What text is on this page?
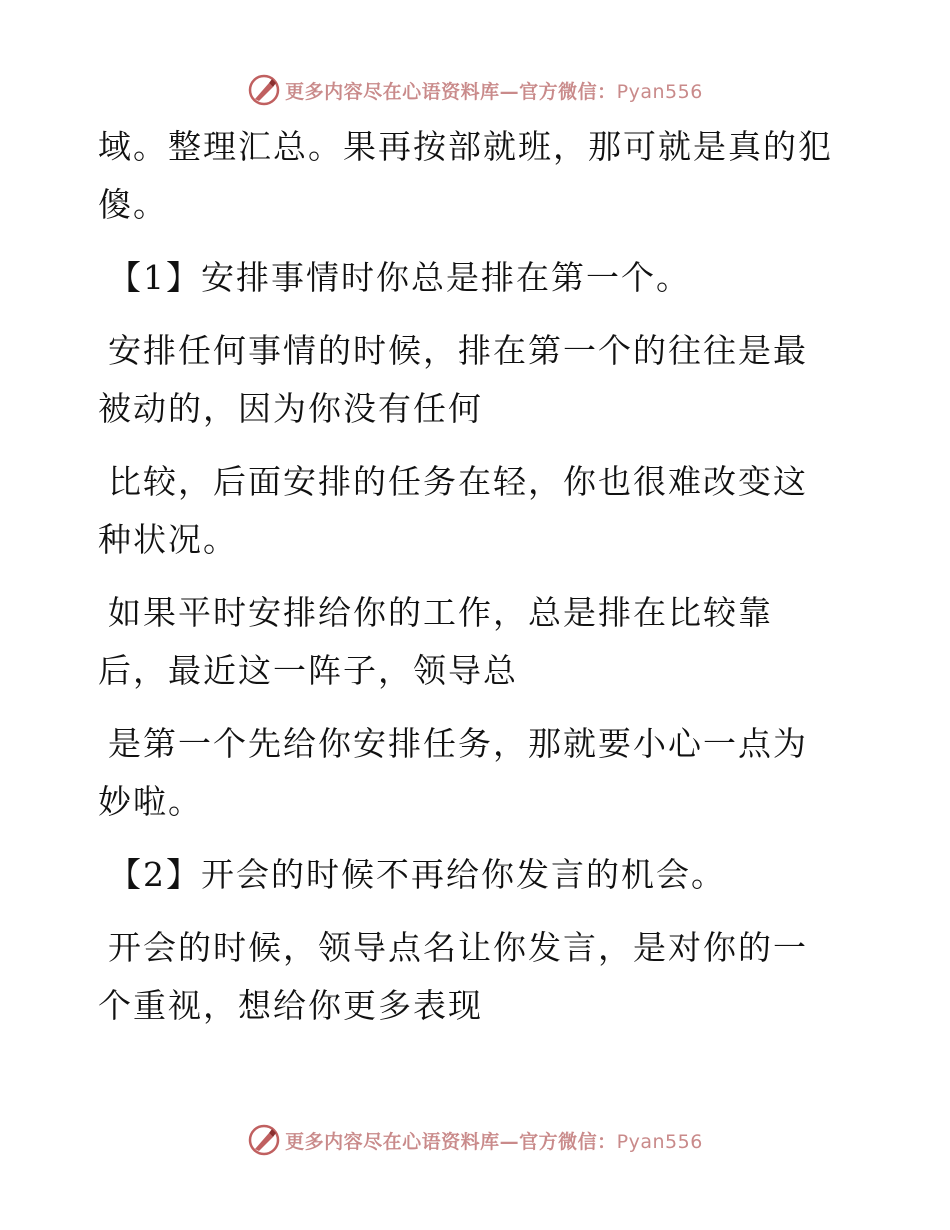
更多内容尽在心语资料库—官方微信：Pyan556

域。整理汇总。果再按部就班，那可就是真的犯傻。

【1】安排事情时你总是排在第一个。

安排任何事情的时候，排在第一个的往往是最被动的，因为你没有任何

比较，后面安排的任务在轻，你也很难改变这种状况。

如果平时安排给你的工作，总是排在比较靠后，最近这一阵子，领导总

是第一个先给你安排任务，那就要小心一点为妙啦。

【2】开会的时候不再给你发言的机会。

开会的时候，领导点名让你发言，是对你的一个重视，想给你更多表现

更多内容尽在心语资料库—官方微信：Pyan556
